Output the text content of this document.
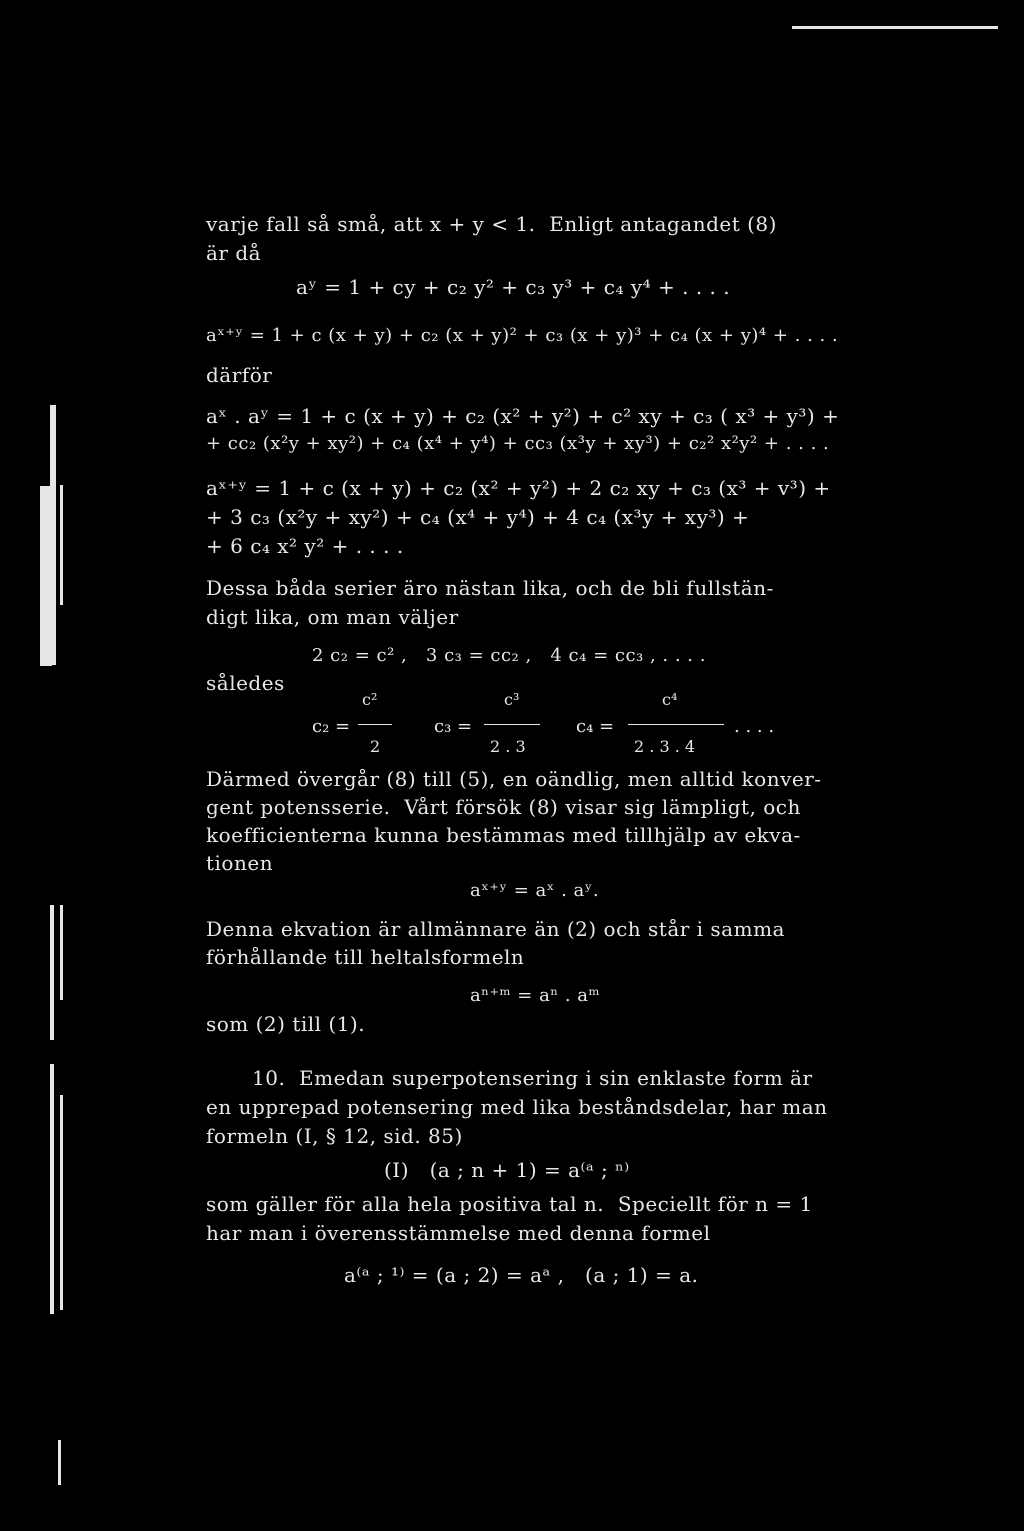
varje fall så små, att x + y < 1.  Enligt antagandet (8)
är då
aʸ = 1 + cy + c₂ y² + c₃ y³ + c₄ y⁴ + . . . .
aˣ⁺ʸ = 1 + c (x + y) + c₂ (x + y)² + c₃ (x + y)³ + c₄ (x + y)⁴ + . . . .
därför
aˣ . aʸ = 1 + c (x + y) + c₂ (x² + y²) + c² xy + c₃ ( x³ + y³) +
+ cc₂ (x²y + xy²) + c₄ (x⁴ + y⁴) + cc₃ (x³y + xy³) + c₂² x²y² + . . . .
aˣ⁺ʸ = 1 + c (x + y) + c₂ (x² + y²) + 2 c₂ xy + c₃ (x³ + v³) +
+ 3 c₃ (x²y + xy²) + c₄ (x⁴ + y⁴) + 4 c₄ (x³y + xy³) +
+ 6 c₄ x² y² + . . . .
Dessa båda serier äro nästan lika, och de bli fullstän-
digt lika, om man väljer
2 c₂ = c² ,   3 c₃ = cc₂ ,   4 c₄ = cc₃ , . . . .
således
c₂ =
c²
2
c₃ =
c³
2 . 3
c₄ =
c⁴
2 . 3 . 4
. . . .
Därmed övergår (8) till (5), en oändlig, men alltid konver-
gent potensserie.  Vårt försök (8) visar sig lämpligt, och
koefficienterna kunna bestämmas med tillhjälp av ekva-
tionen
aˣ⁺ʸ = aˣ . aʸ.
Denna ekvation är allmännare än (2) och står i samma
förhållande till heltalsformeln
aⁿ⁺ᵐ = aⁿ . aᵐ
som (2) till (1).
10.  Emedan superpotensering i sin enklaste form är
en upprepad potensering med lika beståndsdelar, har man
formeln (I, § 12, sid. 85)
(I)   (a ; n + 1) = a⁽ᵃ ; ⁿ⁾
som gäller för alla hela positiva tal n.  Speciellt för n = 1
har man i överensstämmelse med denna formel
a⁽ᵃ ; ¹⁾ = (a ; 2) = aᵃ ,   (a ; 1) = a.
